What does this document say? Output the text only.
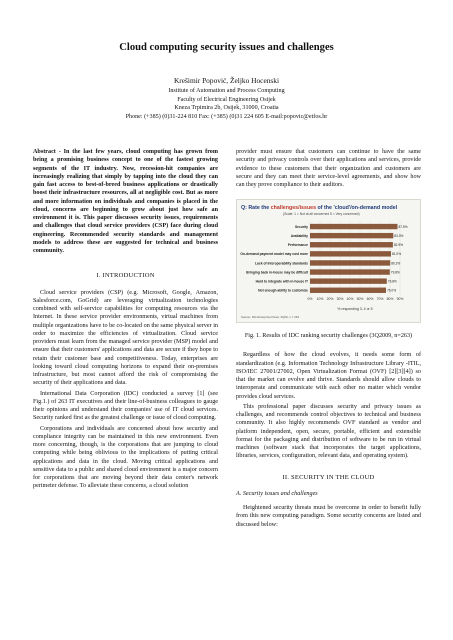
Cloud computing security issues and challenges
Krešimir Popović, Željko Hocenski
Institute of Automation and Process Computing
Faculty of Electrical Engineering Osijek
Kneza Trpimira 2b, Osijek, 31000, Croatia
Phone: (+385) (0)31-224 810 Fax: (+385) (0)31 224 605 E-mail:popovic@etfos.hr

Abstract - In the last few years, cloud computing has grown from being a promising business concept to one of the fastest growing segments of the IT industry. Now, recession-hit companies are increasingly realizing that simply by tapping into the cloud they can gain fast access to best-of-breed business applications or drastically boost their infrastructure resources, all at negligible cost. But as more and more information on individuals and companies is placed in the cloud, concerns are beginning to grow about just how safe an environment it is. This paper discusses security issues, requirements and challenges that cloud service providers (CSP) face during cloud engineering. Recommended security standards and management models to address these are suggested for technical and business community.

I. INTRODUCTION

Cloud service providers (CSP) (e.g. Microsoft, Google, Amazon, Salesforce.com, GoGrid) are leveraging virtualization technologies combined with self-service capabilities for computing resources via the Internet. In these service provider environments, virtual machines from multiple organizations have to be co-located on the same physical server in order to maximize the efficiencies of virtualization. Cloud service providers must learn from the managed service provider (MSP) model and ensure that their customers' applications and data are secure if they hope to retain their customer base and competitiveness. Today, enterprises are looking toward cloud computing horizons to expand their on-premises infrastructure, but most cannot afford the risk of compromising the security of their applications and data.

International Data Corporation (IDC) conducted a survey [1] (see Fig.1.) of 263 IT executives and their line-of-business colleagues to gauge their opinions and understand their companies' use of IT cloud services. Security ranked first as the greatest challenge or issue of cloud computing.

Corporations and individuals are concerned about how security and compliance integrity can be maintained in this new environment. Even more concerning, though, is the corporations that are jumping to cloud computing while being oblivious to the implications of putting critical applications and data in the cloud. Moving critical applications and sensitive data to a public and shared cloud environment is a major concern for corporations that are moving beyond their data center's network perimeter defense. To alleviate these concerns, a cloud solution

provider must ensure that customers can continue to have the same security and privacy controls over their applications and services, provide evidence to these customers that their organization and customers are secure and they can meet their service-level agreements, and show how can they prove compliance to their auditors.

Q: Rate the challenges/issues of the 'cloud'/on-demand model
(Scale: 1 = Not at all concerned 5 = Very concerned)
Security
Availability
Performance
On-demand payment model may cost more
Lack of interoperability standards
Bringing back in-house may be difficult
Hard to integrate with in-house IT
Not enough ability to customize
87.5%
83.3%
82.9%
81.0%
80.2%
79.8%
76.8%
76.0%
0% 10% 20% 30% 40% 50% 60% 70% 80% 90%
% responding 3, 4 or 5
Source: IDC Enterprise Panel, 3Q09, n = 263
Fig. 1. Results of IDC ranking security challenges (3Q2009, n=263)

Regardless of how the cloud evolves, it needs some form of standardization (e.g. Information Technology Infrastructure Library -ITIL, ISO/IEC 27001/27002, Open Virtualization Format (OVF) [2][3][4]) so that the market can evolve and thrive. Standards should allow clouds to interoperate and communicate with each other no matter which vendor provides cloud services.

This professional paper discusses security and privacy issues as challenges, and recommends control objectives to technical and business community. It also highly recommends OVF standard as vendor and platform independent, open, secure, portable, efficient and extensible format for the packaging and distribution of software to be run in virtual machines (software stack that incorporates the target applications, libraries, services, configuration, relevant data, and operating system).

II. SECURITY IN THE CLOUD
A. Security issues and challenges

Heightened security threats must be overcome in order to benefit fully from this new computing paradigm. Some security concerns are listed and discussed below:
